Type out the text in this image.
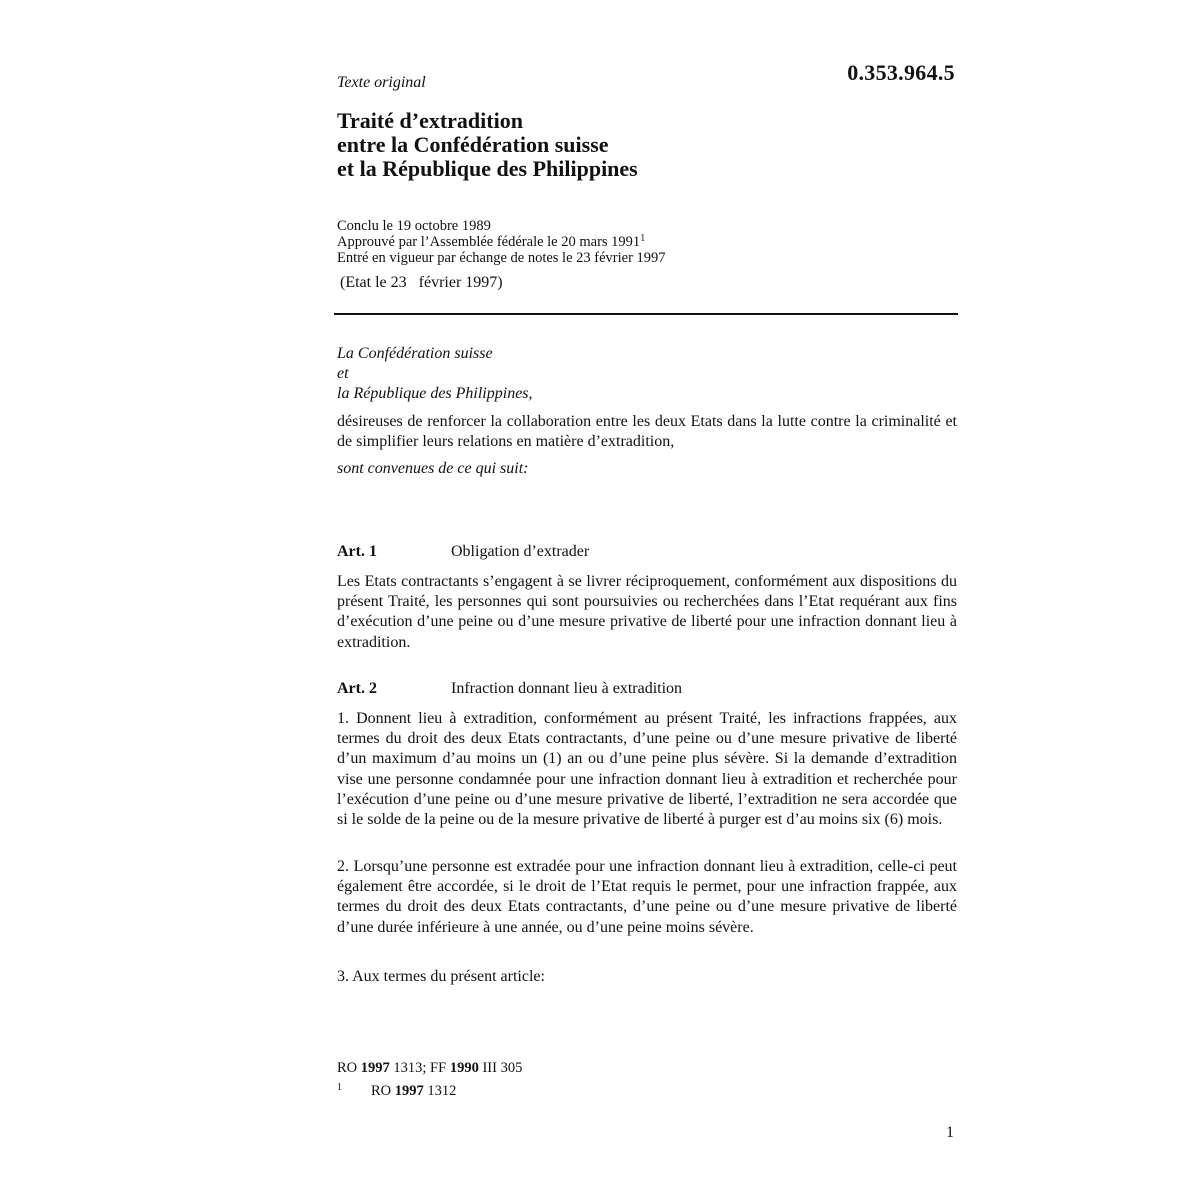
Texte original	0.353.964.5
Traité d’extradition
entre la Confédération suisse
et la République des Philippines
Conclu le 19 octobre 1989
Approuvé par l’Assemblée fédérale le 20 mars 1991$^1$
Entré en vigueur par échange de notes le 23 février 1997
(Etat le 23   février 1997)
La Confédération suisse
et
la République des Philippines,
désireuses de renforcer la collaboration entre les deux Etats dans la lutte contre la criminalité et de simplifier leurs relations en matière d’extradition,
sont convenues de ce qui suit:
Art. 1	Obligation d’extrader
Les Etats contractants s’engagent à se livrer réciproquement, conformément aux dispositions du présent Traité, les personnes qui sont poursuivies ou recherchées dans l’Etat requérant aux fins d’exécution d’une peine ou d’une mesure privative de liberté pour une infraction donnant lieu à extradition.
Art. 2	Infraction donnant lieu à extradition
1. Donnent lieu à extradition, conformément au présent Traité, les infractions frappées, aux termes du droit des deux Etats contractants, d’une peine ou d’une mesure privative de liberté d’un maximum d’au moins un (1) an ou d’une peine plus sévère. Si la demande d’extradition vise une personne condamnée pour une infraction donnant lieu à extradition et recherchée pour l’exécution d’une peine ou d’une mesure privative de liberté, l’extradition ne sera accordée que si le solde de la peine ou de la mesure privative de liberté à purger est d’au moins six (6) mois.
2. Lorsqu’une personne est extradée pour une infraction donnant lieu à extradition, celle-ci peut également être accordée, si le droit de l’Etat requis le permet, pour une infraction frappée, aux termes du droit des deux Etats contractants, d’une peine ou d’une mesure privative de liberté d’une durée inférieure à une année, ou d’une peine moins sévère.
3. Aux termes du présent article:
RO 1997 1313; FF 1990 III 305
1 RO 1997 1312
1
